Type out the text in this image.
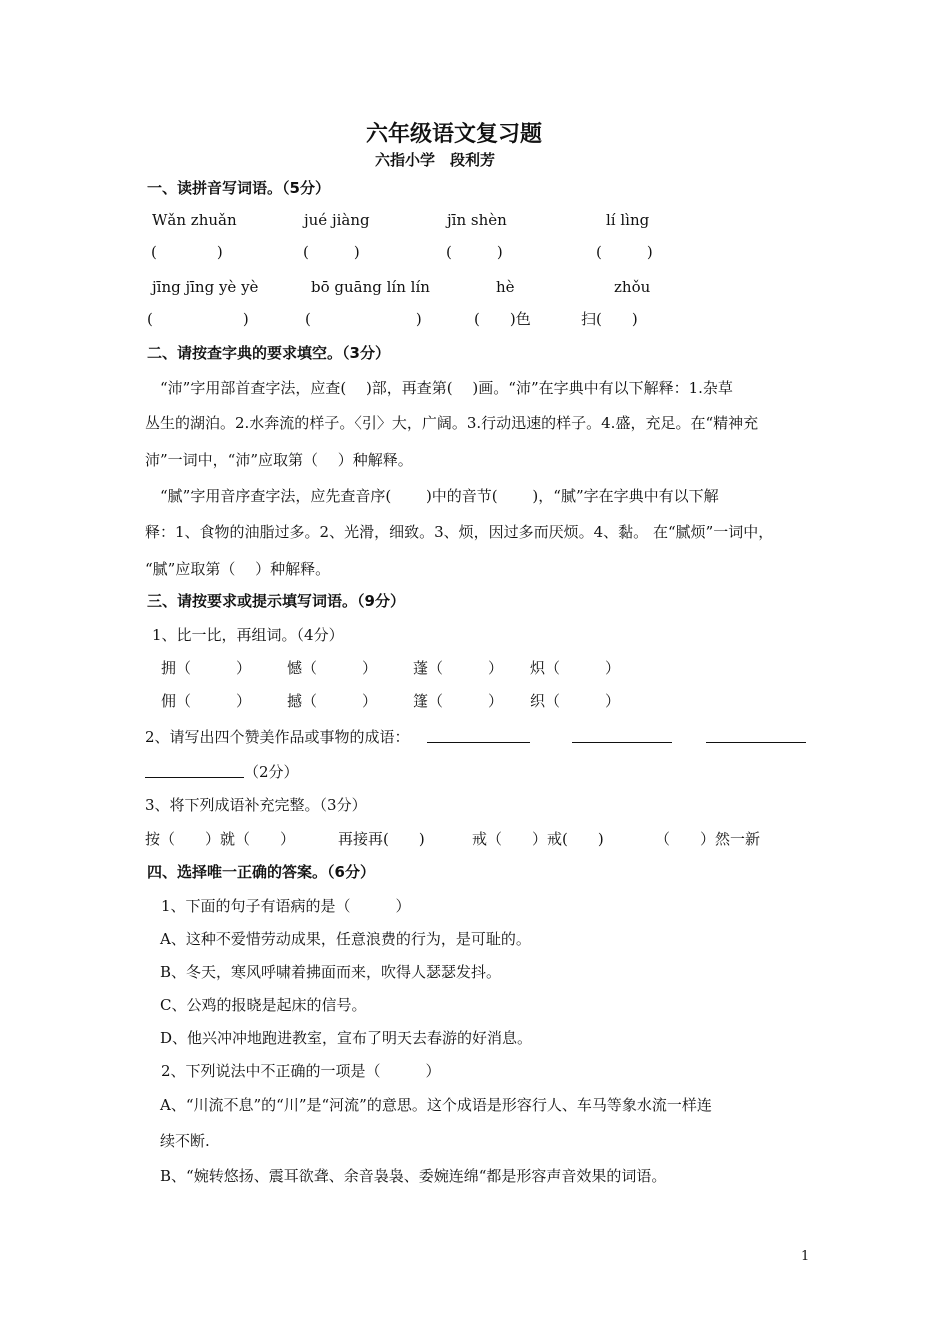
六年级语文复习题
六指小学　段利芳
一、读拼音写词语。（5分）
Wǎn zhuǎn	jué jiàng	jīn shèn	lí lìng
(　　　　)	(　　　)	(　　　)	(　　　)
jīng jīng yè yè	bō guāng lín lín	hè	zhǒu
(　　　　　　)	(　　　　　　　)	(　　)色	扫(　　)
二、请按查字典的要求填空。（3分）
“沛”字用部首查字法，应查(　 )部，再查第(　 )画。“沛”在字典中有以下解释：1.杂草
丛生的湖泊。2.水奔流的样子。〈引〉大，广阔。3.行动迅速的样子。4.盛，充足。在“精神充
沛”一词中，“沛”应取第（　 ）种解释。
“腻”字用音序查字法，应先查音序(　　 )中的音节(　　 )，“腻”字在字典中有以下解
释：1、食物的油脂过多。2、光滑，细致。3、烦，因过多而厌烦。4、黏。 在“腻烦”一词中，
“腻”应取第（　 ）种解释。
三、请按要求或提示填写词语。（9分）
1、比一比，再组词。（4分）
拥（　　　） 憾（　　　） 蓬（　　　） 炽（　　　）
佣（　　　） 撼（　　　） 篷（　　　） 织（　　　）
2、请写出四个赞美作品或事物的成语：
（2分）
3、将下列成语补充完整。（3分）
按（　　）就（　　）	再接再(　　)	戒（　　）戒(　　)	（　　）然一新
四、选择唯一正确的答案。（6分）
1、下面的句子有语病的是（　　　）
A、这种不爱惜劳动成果，任意浪费的行为，是可耻的。
B、冬天，寒风呼啸着拂面而来，吹得人瑟瑟发抖。
C、公鸡的报晓是起床的信号。
D、他兴冲冲地跑进教室，宣布了明天去春游的好消息。
2、下列说法中不正确的一项是（　　　）
A、“川流不息”的“川”是“河流”的意思。这个成语是形容行人、车马等象水流一样连
续不断.
B、“婉转悠扬、震耳欲聋、余音袅袅、委婉连绵“都是形容声音效果的词语。
1
